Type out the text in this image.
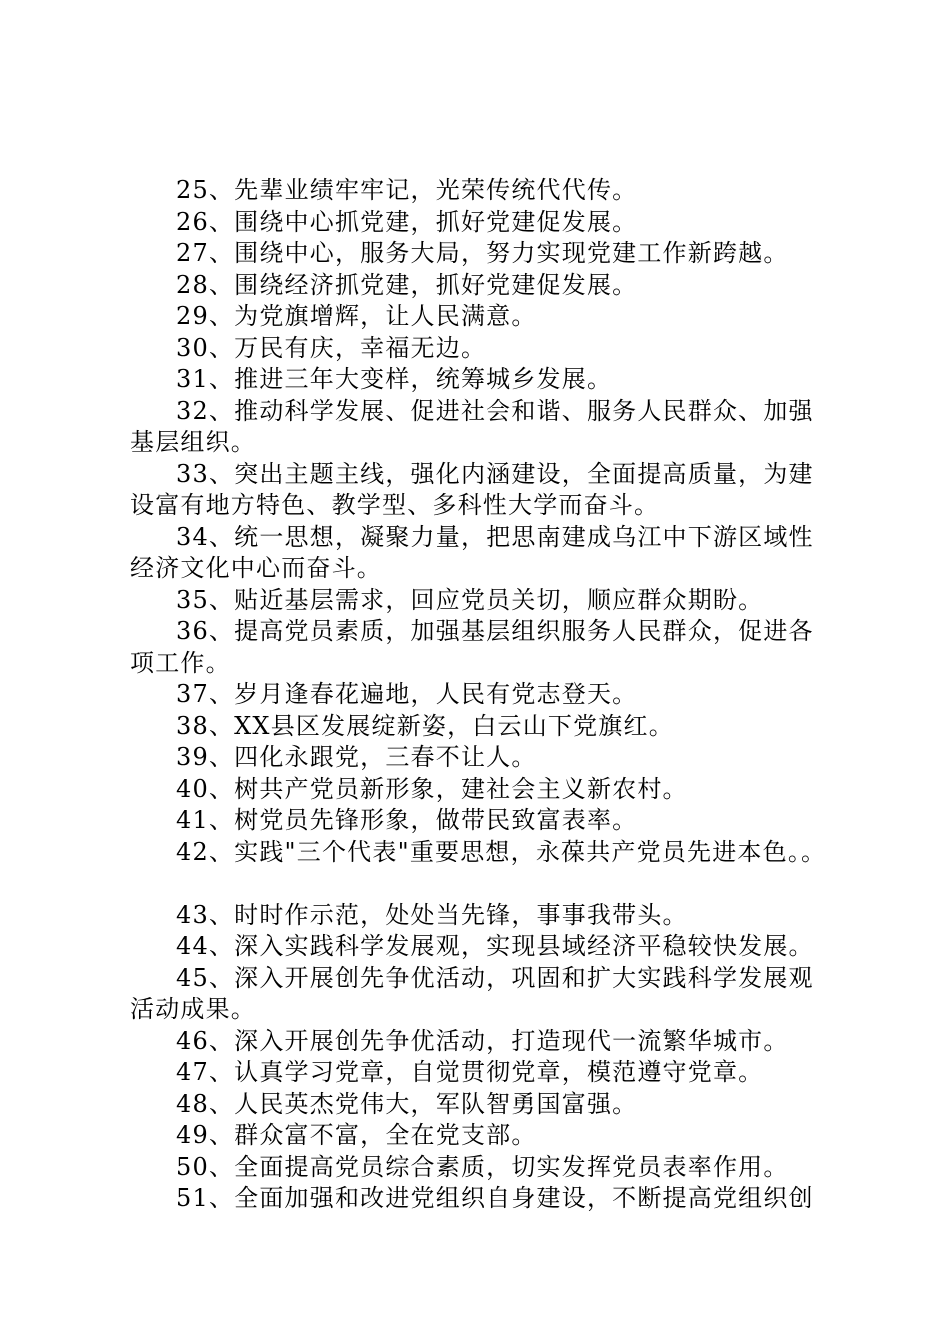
25、先辈业绩牢牢记，光荣传统代代传。
26、围绕中心抓党建，抓好党建促发展。
27、围绕中心，服务大局，努力实现党建工作新跨越。
28、围绕经济抓党建，抓好党建促发展。
29、为党旗增辉，让人民满意。
30、万民有庆，幸福无边。
31、推进三年大变样，统筹城乡发展。
32、推动科学发展、促进社会和谐、服务人民群众、加强
基层组织。
33、突出主题主线，强化内涵建设，全面提高质量，为建
设富有地方特色、教学型、多科性大学而奋斗。
34、统一思想，凝聚力量，把思南建成乌江中下游区域性
经济文化中心而奋斗。
35、贴近基层需求，回应党员关切，顺应群众期盼。
36、提高党员素质，加强基层组织服务人民群众，促进各
项工作。
37、岁月逢春花遍地，人民有党志登天。
38、XX县区发展绽新姿，白云山下党旗红。
39、四化永跟党，三春不让人。
40、树共产党员新形象，建社会主义新农村。
41、树党员先锋形象，做带民致富表率。
42、实践"三个代表"重要思想，永葆共产党员先进本色。。
43、时时作示范，处处当先锋，事事我带头。
44、深入实践科学发展观，实现县域经济平稳较快发展。
45、深入开展创先争优活动，巩固和扩大实践科学发展观
活动成果。
46、深入开展创先争优活动，打造现代一流繁华城市。
47、认真学习党章，自觉贯彻党章，模范遵守党章。
48、人民英杰党伟大，军队智勇国富强。
49、群众富不富，全在党支部。
50、全面提高党员综合素质，切实发挥党员表率作用。
51、全面加强和改进党组织自身建设，不断提高党组织创
